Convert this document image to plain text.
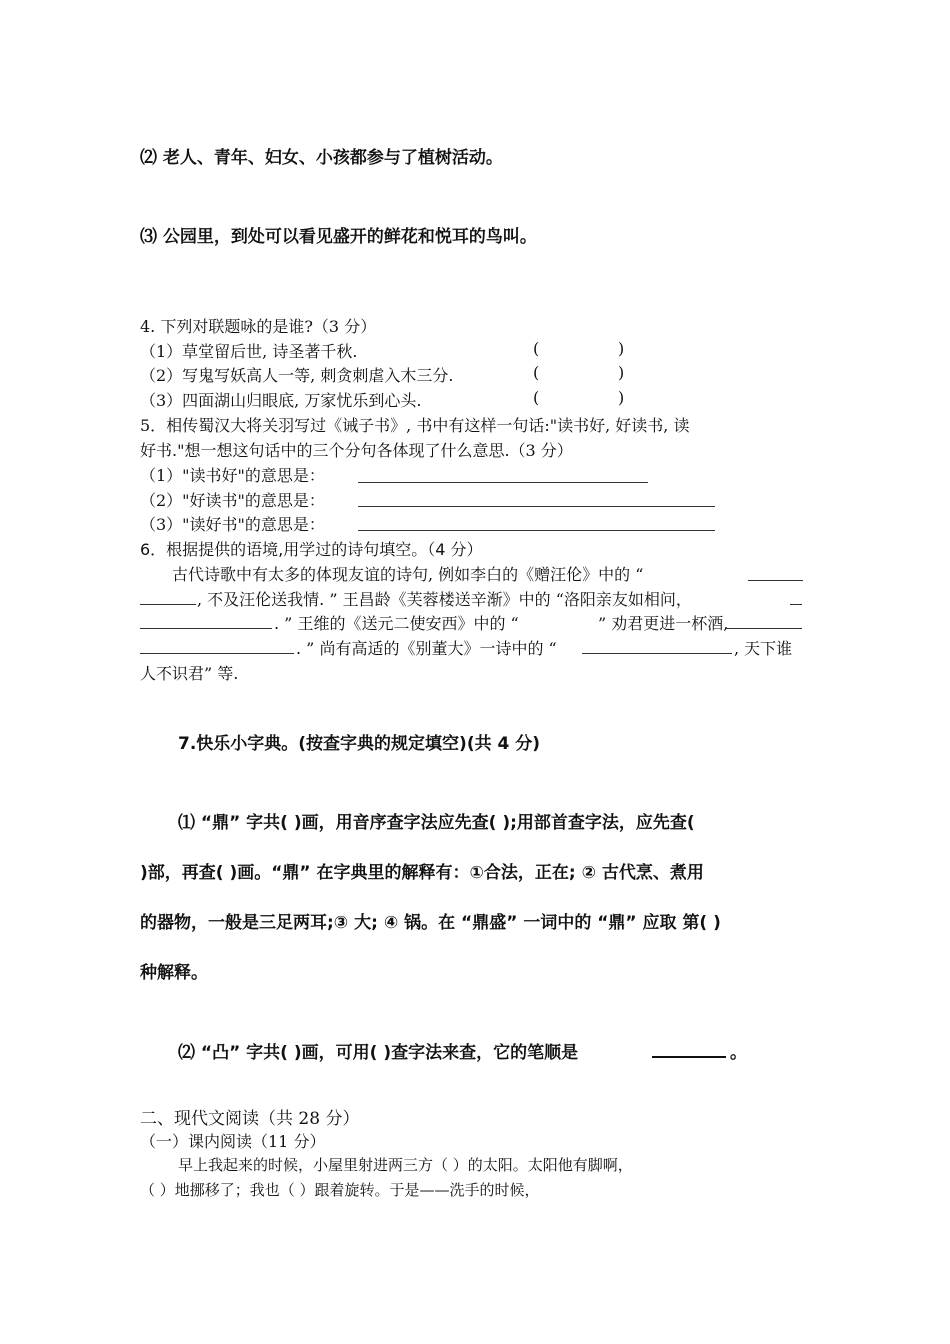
⑵ 老人、青年、妇女、小孩都参与了植树活动。
⑶ 公园里，到处可以看见盛开的鲜花和悦耳的鸟叫。
4. 下列对联题咏的是谁?（3 分）
（1）草堂留后世, 诗圣著千秋.	(	)
（2）写鬼写妖高人一等, 刺贪刺虐入木三分.	(	)
（3）四面湖山归眼底, 万家忧乐到心头.	(	)
5．相传蜀汉大将关羽写过《诫子书》, 书中有这样一句话:"读书好, 好读书, 读
好书."想一想这句话中的三个分句各体现了什么意思.（3 分）
（1）"读书好"的意思是：
（2）"好读书"的意思是：
（3）"读好书"的意思是：
6．根据提供的语境,用学过的诗句填空。（4 分）
古代诗歌中有太多的体现友谊的诗句, 例如李白的《赠汪伦》中的 “
, 不及汪伦送我情. ” 王昌龄《芙蓉楼送辛渐》中的 “洛阳亲友如相问，
. ” 王维的《送元二使安西》中的 “	” 劝君更进一杯酒,
. ” 尚有高适的《别董大》一诗中的 “	, 天下谁
人不识君” 等.
7.快乐小字典。(按查字典的规定填空)(共 4 分)
⑴ “鼎” 字共( )画，用音序查字法应先查( );用部首查字法，应先查(
)部，再查( )画。“鼎” 在字典里的解释有：①合法，正在; ② 古代烹、煮用
的器物，一般是三足两耳;③ 大; ④ 锅。在 “鼎盛” 一词中的 “鼎” 应取 第( )
种解释。
⑵ “凸” 字共( )画，可用( )查字法来查，它的笔顺是	。
二、现代文阅读（共 28 分）
（一）课内阅读（11 分）
早上我起来的时候，小屋里射进两三方（ ）的太阳。太阳他有脚啊，
（ ）地挪移了；我也（ ）跟着旋转。于是——洗手的时候，
